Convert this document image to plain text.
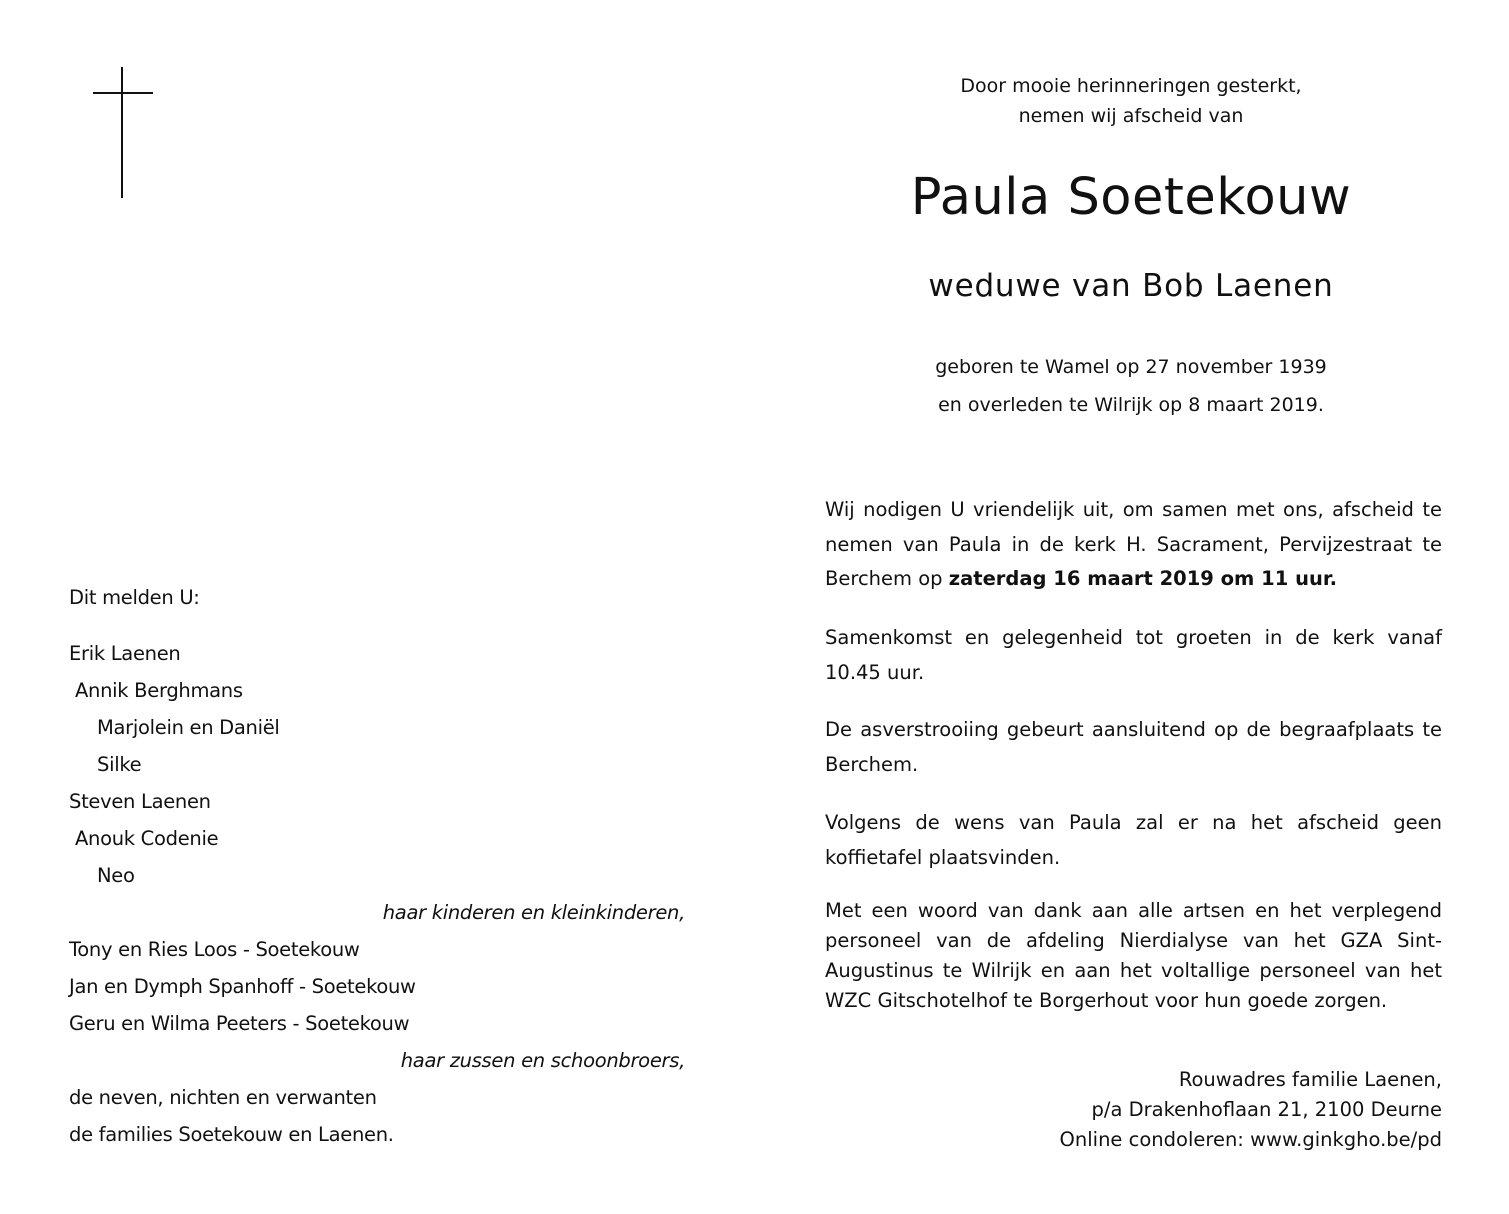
Dit melden U:
Erik Laenen
Annik Berghmans
Marjolein en Daniël
Silke
Steven Laenen
Anouk Codenie
Neo
haar kinderen en kleinkinderen,
Tony en Ries Loos - Soetekouw
Jan en Dymph Spanhoff - Soetekouw
Geru en Wilma Peeters - Soetekouw
haar zussen en schoonbroers,
de neven, nichten en verwanten
de families Soetekouw en Laenen.
Door mooie herinneringen gesterkt,
nemen wij afscheid van
Paula Soetekouw
weduwe van Bob Laenen
geboren te Wamel op 27 november 1939
en overleden te Wilrijk op 8 maart 2019.

Wij nodigen U vriendelijk uit, om samen met ons, afscheid te nemen van Paula in de kerk H. Sacrament, Pervijzestraat te Berchem op zaterdag 16 maart 2019 om 11 uur.

Samenkomst en gelegenheid tot groeten in de kerk vanaf 10.45 uur.

De asverstrooiing gebeurt aansluitend op de begraafplaats te Berchem.

Volgens de wens van Paula zal er na het afscheid geen koffietafel plaatsvinden.

Met een woord van dank aan alle artsen en het verplegend personeel van de afdeling Nierdialyse van het GZA Sint-Augustinus te Wilrijk en aan het voltallige personeel van het WZC Gitschotelhof te Borgerhout voor hun goede zorgen.

Rouwadres familie Laenen,
p/a Drakenhoflaan 21, 2100 Deurne
Online condoleren: www.ginkgho.be/pd
